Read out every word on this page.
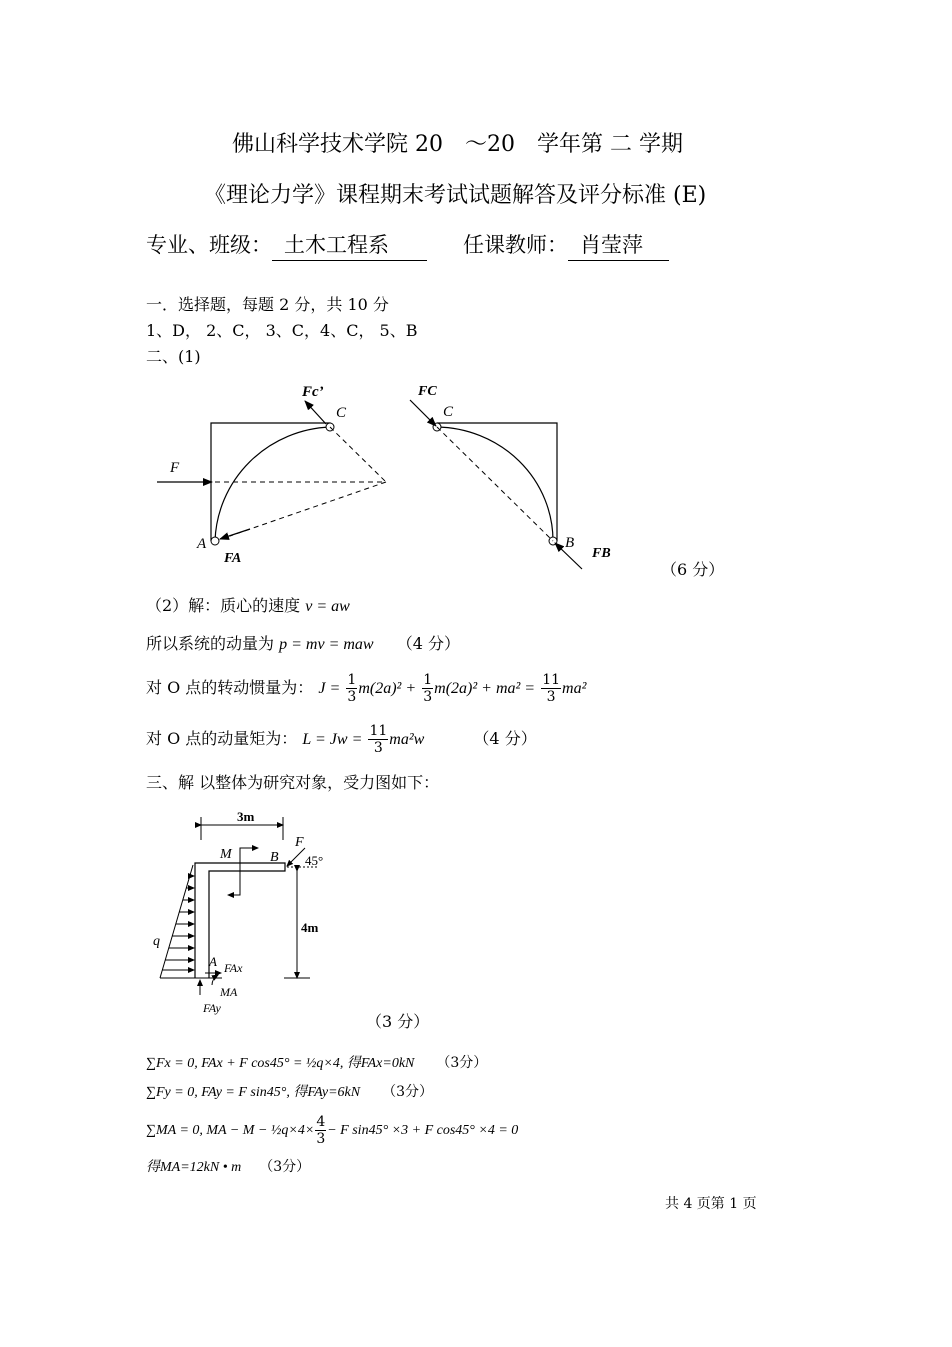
佛山科学技术学院 20　～20　学年第 二 学期
《理论力学》课程期末考试试题解答及评分标准 (E)
专业、班级： 土木工程系	任课教师： 肖莹萍
一．选择题，每题 2 分，共 10 分
1、D， 2、C， 3、C，4、C， 5、B
二、(1)
Fc’
C
F
A
FA
FC
C
B
FB
（6 分）
（2）解：质心的速度 v = aw
所以系统的动量为 p = mv = maw （4 分）
对 O 点的转动惯量为： $J = \frac{1}{3} m(2a)^2 + \frac{1}{3} m(2a)^2 + ma^2 = \frac{11}{3} ma^2$
对 O 点的动量矩为： $L = Jw = \frac{11}{3} ma^2w$	（4 分）
三、解 以整体为研究对象，受力图如下：
3m
4m
F
M	B 45°
q
A FAx
MA
FAy
（3 分）
∑Fx = 0, FAx + F cos45° = ½q×4, 得FAx=0kN （3分）
∑Fy = 0, FAy = F sin45°, 得FAy=6kN （3分）
∑MA = 0, MA − M − ½q×4× $\frac{4}{3} - F$ sin45° ×3 + F cos45° ×4 = 0
得MA=12kN • m （3分）
共 4 页第 1 页
